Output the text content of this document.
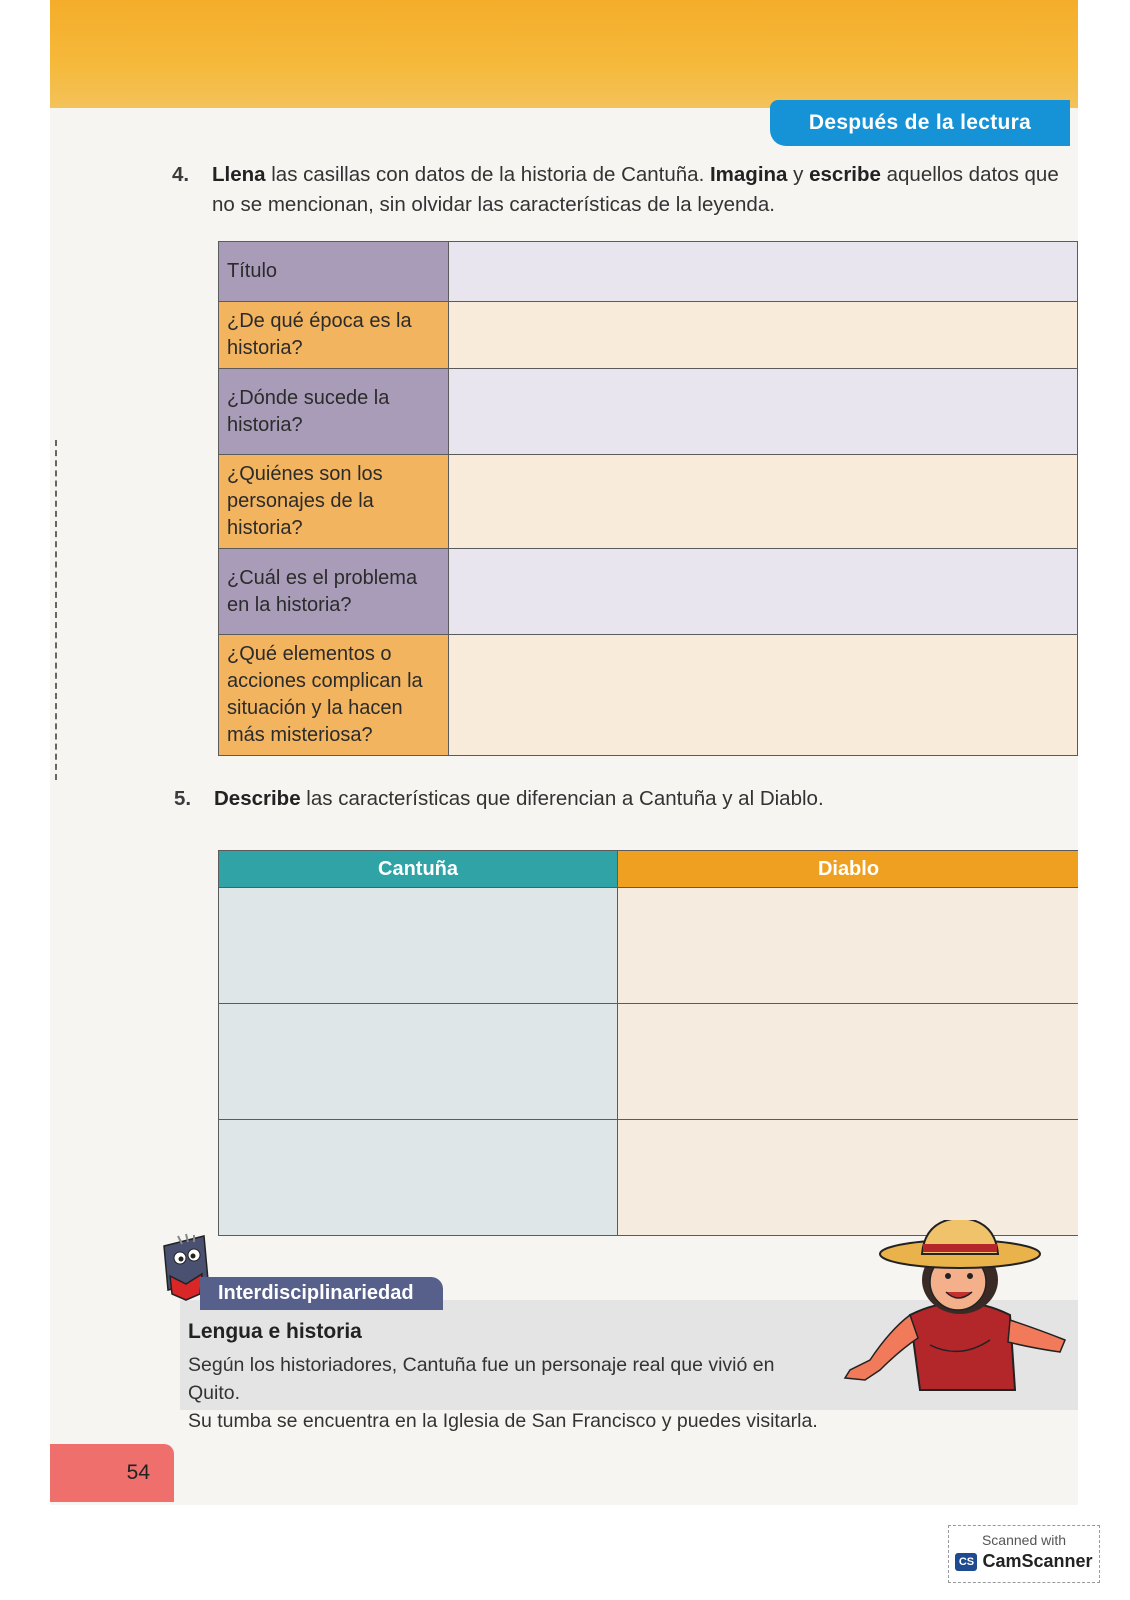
Después de la lectura
4. Llena las casillas con datos de la historia de Cantuña. Imagina y escribe aquellos datos que no se mencionan, sin olvidar las características de la leyenda.
Título	
¿De qué época es la historia?	
¿Dónde sucede la historia?	
¿Quiénes son los personajes de la historia?	
¿Cuál es el problema en la historia?	
¿Qué elementos o acciones complican la situación y la hacen más misteriosa?	
5. Describe las características que diferencian a Cantuña y al Diablo.
Cantuña	Diablo

Interdisciplinariedad
Lengua e historia
Según los historiadores, Cantuña fue un personaje real que vivió en Quito.
Su tumba se encuentra en la Iglesia de San Francisco y puedes visitarla.
54
Scanned with
CS CamScanner
